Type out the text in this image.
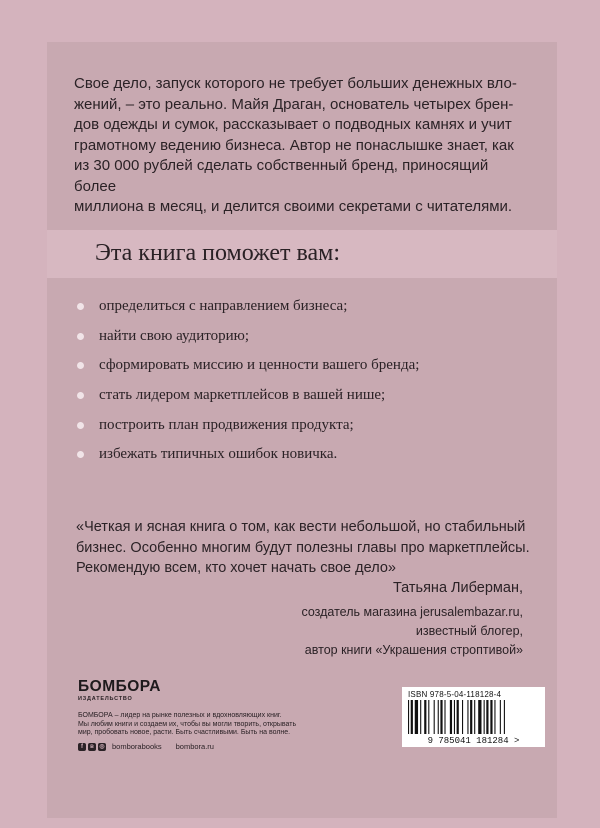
Свое дело, запуск которого не требует больших денежных вло-

жений, – это реально. Майя Драган, основатель четырех брен-

дов одежды и сумок, рассказывает о подводных камнях и учит

грамотному ведению бизнеса. Автор не понаслышке знает, как

из 30 000 рублей сделать собственный бренд, приносящий более

миллиона в месяц, и делится своими секретами с читателями.

Эта книга поможет вам:
определиться с направлением бизнеса;
найти свою аудиторию;
сформировать миссию и ценности вашего бренда;
стать лидером маркетплейсов в вашей нише;
построить план продвижения продукта;
избежать типичных ошибок новичка.

«Четкая и ясная книга о том, как вести небольшой, но стабильный

бизнес. Особенно многим будут полезны главы про маркетплейсы.

Рекомендую всем, кто хочет начать свое дело»

Татьяна Либерман,
создатель магазина jerusalembazar.ru,
известный блогер,
автор книги «Украшения строптивой»
БОМБОРА
ИЗДАТЕЛЬСТВО

БОМБОРА – лидер на рынке полезных и вдохновляющих книг.

Мы любим книги и создаем их, чтобы вы могли творить, открывать

мир, пробовать новое, расти. Быть счастливыми. Быть на волне.

f	в ◎ bomborabooks bombora.ru
ISBN 978-5-04-118128-4
9 785041 181284 >
